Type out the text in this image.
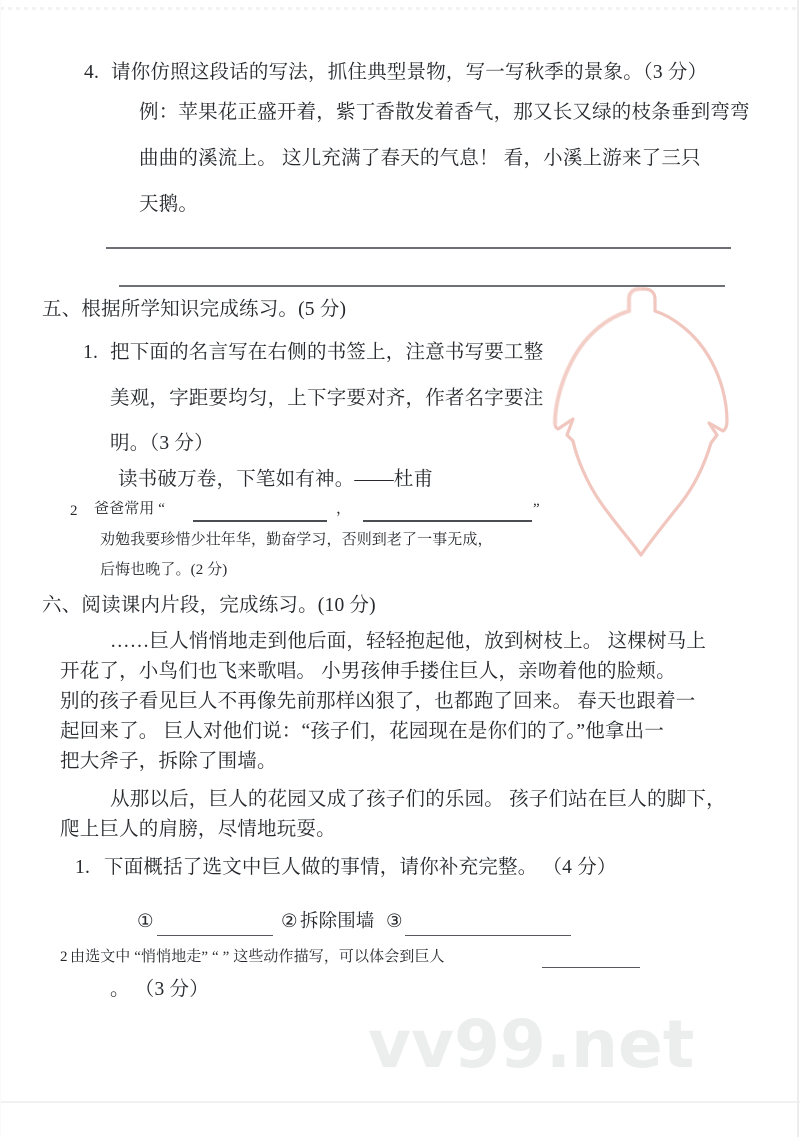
4. 请你仿照这段话的写法，抓住典型景物，写一写秋季的景象。（3 分）
例：苹果花正盛开着，紫丁香散发着香气，那又长又绿的枝条垂到弯弯
曲曲的溪流上。 这儿充满了春天的气息！ 看，小溪上游来了三只
天鹅。
五、根据所学知识完成练习。(5 分)
1. 把下面的名言写在右侧的书签上，注意书写要工整
美观，字距要均匀，上下字要对齐，作者名字要注
明。（3 分）
读书破万卷，下笔如有神。——杜甫
2 爸爸常用 “	，	”
劝勉我要珍惜少壮年华，勤奋学习，否则到老了一事无成，
后悔也晚了。(2 分)
六、阅读课内片段，完成练习。(10 分)
……巨人悄悄地走到他后面，轻轻抱起他，放到树枝上。 这棵树马上
开花了，小鸟们也飞来歌唱。 小男孩伸手搂住巨人，亲吻着他的脸颊。
别的孩子看见巨人不再像先前那样凶狠了，也都跑了回来。 春天也跟着一
起回来了。 巨人对他们说：“孩子们，花园现在是你们的了。”他拿出一
把大斧子，拆除了围墙。
从那以后，巨人的花园又成了孩子们的乐园。 孩子们站在巨人的脚下，
爬上巨人的肩膀，尽情地玩耍。
1. 下面概括了选文中巨人做的事情，请你补充完整。 （4 分）
①	② 拆除围墙 ③
2 由选文中 “悄悄地走” “ ” 这些动作描写，可以体会到巨人
。 （3 分）
vv99.net
